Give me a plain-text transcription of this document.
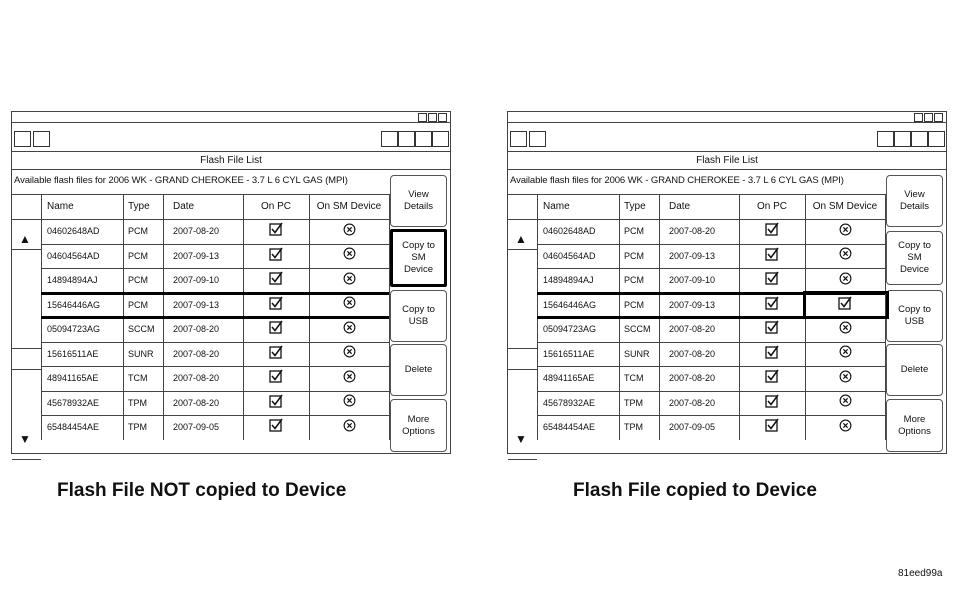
Flash File List
Available flash files for 2006 WK - GRAND CHEROKEE - 3.7 L 6 CYL GAS (MPI)
▲
▼
View
Details
Copy to
SM
Device
Copy to
USB
Delete
More
Options
Name	Type	Date	On PC	On SM Device
04602648AD	PCM	2007-08-20
04604564AD	PCM	2007-09-13
14894894AJ	PCM	2007-09-10
15646446AG	PCM	2007-09-13
05094723AG	SCCM 2007-08-20
15616511AE	SUNR 2007-08-20
48941165AE	TCM	2007-08-20
45678932AE	TPM	2007-08-20
65484454AE	TPM	2007-09-05
Flash File NOT copied to Device
Flash File List
Available flash files for 2006 WK - GRAND CHEROKEE - 3.7 L 6 CYL GAS (MPI)
▲
▼
View
Details
Copy to
SM
Device
Copy to
USB
Delete
More
Options
Name	Type	Date	On PC	On SM Device
04602648AD	PCM	2007-08-20
04604564AD	PCM	2007-09-13
14894894AJ	PCM	2007-09-10
15646446AG	PCM	2007-09-13
05094723AG	SCCM 2007-08-20
15616511AE	SUNR 2007-08-20
48941165AE	TCM	2007-08-20
45678932AE	TPM	2007-08-20
65484454AE	TPM	2007-09-05
Flash File copied to Device
81eed99a
